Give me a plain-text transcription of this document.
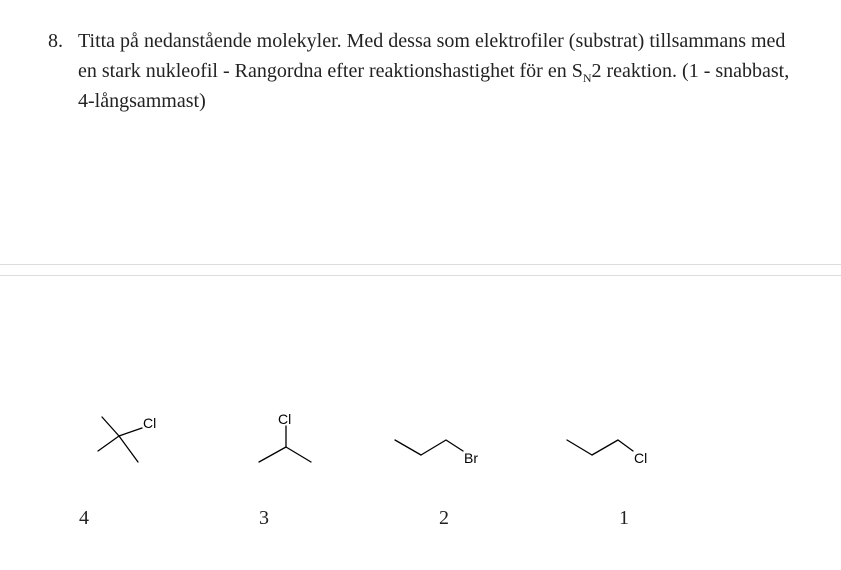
8. Titta på nedanstående molekyler. Med dessa som elektrofiler (substrat) tillsammans med en stark nukleofil - Rangordna efter reaktionshastighet för en $S_N2$ reaktion. (1 - snabbast, 4-långsammast)
Cl	Cl
Br	Cl
4	3	2	1
